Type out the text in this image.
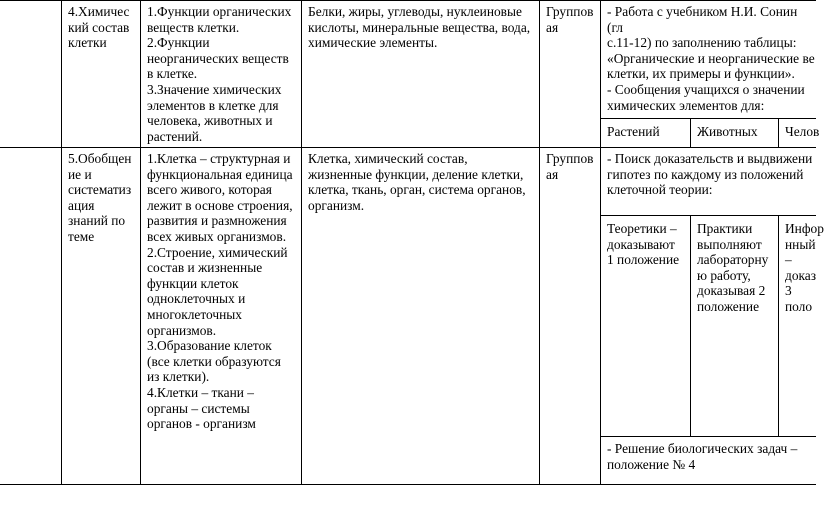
4.Химичес
кий состав
клетки
1.Функции органических
веществ клетки.
2.Функции
неорганических веществ
в клетке.
3.Значение химических
элементов в клетке для
человека, животных и
растений.
Белки, жиры, углеводы, нуклеиновые
кислоты, минеральные вещества, вода,
химические элементы.
Группов
ая
- Работа с учебником Н.И. Сонин (гл
с.11-12) по заполнению таблицы:
«Органические и неорганические ве
клетки, их примеры и функции».
- Сообщения учащихся о значении
химических элементов для:
Растений	Животных	Челов
5.Обобщен
ие и
систематиз
ация
знаний по
теме
1.Клетка – структурная и
функциональная единица
всего живого, которая
лежит в основе строения,
развития и размножения
всех живых организмов.
2.Строение, химический
состав и жизненные
функции клеток
одноклеточных и
многоклеточных
организмов.
3.Образование клеток
(все клетки образуются
из клетки).
4.Клетки – ткани –
органы – системы
органов - организм
Клетка, химический состав,
жизненные функции, деление клетки,
клетка, ткань, орган, система органов,
организм.
Группов
ая
- Поиск доказательств и выдвижени
гипотез по каждому из положений
клеточной теории:
Теоретики –
доказывают
1 положение
Практики
выполняют
лабораторну
ю работу,
доказывая 2
положение
Инфор
нный
–
доказ
3 поло
- Решение биологических задач –
положение № 4
